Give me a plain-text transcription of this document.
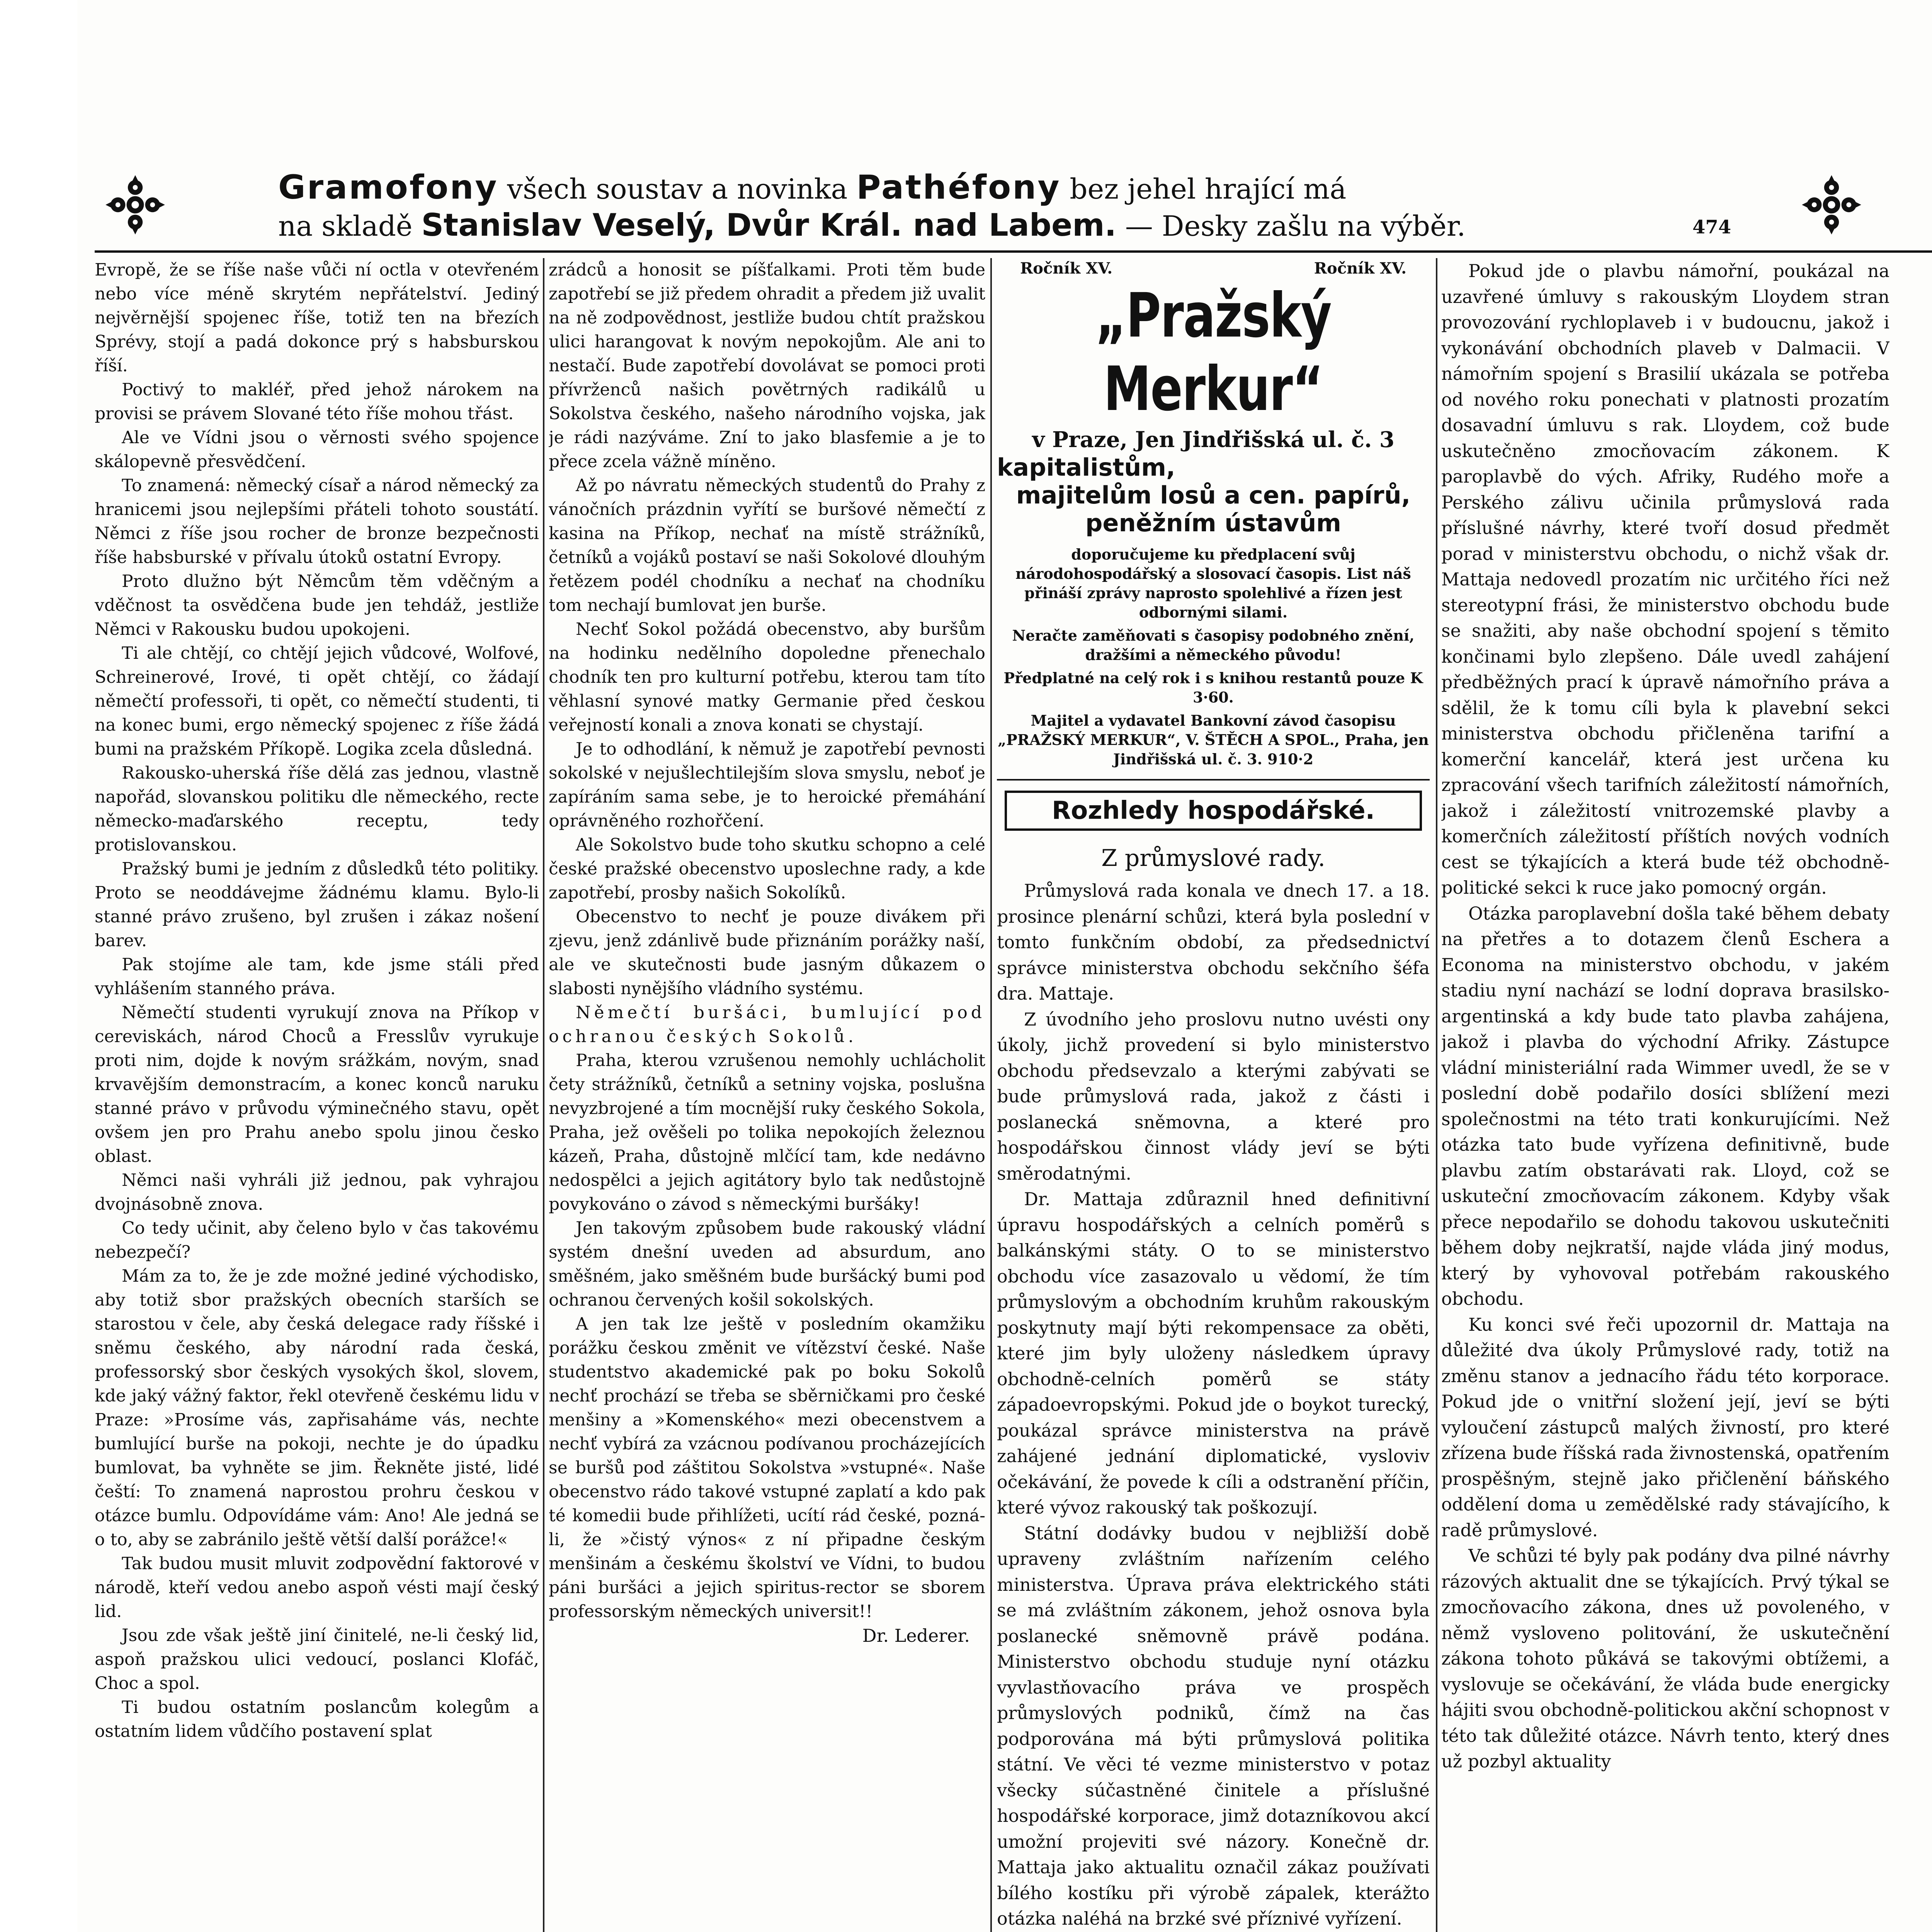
Gramofony všech soustav a novinka Pathéfony bez jehel hrající má
na skladě Stanislav Veselý, Dvůr Král. nad Labem. — Desky zašlu na výběr.	474

Evropě, že se říše naše vůči ní octla v otevřeném nebo více méně skrytém nepřátelství. Jediný nejvěrnější spojenec říše, totiž ten na březích Sprévy, stojí a padá dokonce prý s habsburskou říší.

Poctivý to makléř, před jehož nárokem na provisi se právem Slované této říše mohou třást.

Ale ve Vídni jsou o věrnosti svého spojence skálopevně přesvědčení.

To znamená: německý císař a národ německý za hranicemi jsou nejlepšími přáteli tohoto soustátí. Němci z říše jsou rocher de bronze bezpečnosti říše habsburské v přívalu útoků ostatní Evropy.

Proto dlužno být Němcům těm vděčným a vděčnost ta osvědčena bude jen tehdáž, jestliže Němci v Rakousku budou upokojeni.

Ti ale chtějí, co chtějí jejich vůdcové, Wolfové, Schreinerové, Irové, ti opět chtějí, co žádají němečtí professoři, ti opět, co němečtí studenti, ti na konec bumi, ergo německý spojenec z říše žádá bumi na pražském Příkopě. Logika zcela důsledná.

Rakousko-uherská říše dělá zas jednou, vlastně napořád, slovanskou politiku dle německého, recte německo-maďarského receptu, tedy protislovanskou.

Pražský bumi je jedním z důsledků této politiky. Proto se neoddávejme žádnému klamu. Bylo-li stanné právo zrušeno, byl zrušen i zákaz nošení barev.

Pak stojíme ale tam, kde jsme stáli před vyhlášením stanného práva.

Němečtí studenti vyrukují znova na Příkop v cereviskách, národ Choců a Fresslův vyrukuje proti nim, dojde k novým srážkám, novým, snad krvavějším demonstracím, a konec konců naruku stanné právo v průvodu výminečného stavu, opět ovšem jen pro Prahu anebo spolu jinou česko oblast.

Němci naši vyhráli již jednou, pak vyhrajou dvojnásobně znova.

Co tedy učinit, aby čeleno bylo v čas takovému nebezpečí?

Mám za to, že je zde možné jediné východisko, aby totiž sbor pražských obecních starších se starostou v čele, aby česká delegace rady říšské i sněmu českého, aby národní rada česká, professorský sbor českých vysokých škol, slovem, kde jaký vážný faktor, řekl otevřeně českému lidu v Praze: »Prosíme vás, zapřisaháme vás, nechte bumlující burše na pokoji, nechte je do úpadku bumlovat, ba vyhněte se jim. Řekněte jisté, lidé čeští: To znamená naprostou prohru českou v otázce bumlu. Odpovídáme vám: Ano! Ale jedná se o to, aby se zabránilo ještě větší další porážce!«

Tak budou musit mluvit zodpovědní faktorové v národě, kteří vedou anebo aspoň vésti mají český lid.

Jsou zde však ještě jiní činitelé, ne-li český lid, aspoň pražskou ulici vedoucí, poslanci Klofáč, Choc a spol.

Ti budou ostatním poslancům kolegům a ostatním lidem vůdčího postavení splat

zrádců a honosit se píšťalkami. Proti těm bude zapotřebí se již předem ohradit a předem již uvalit na ně zodpovědnost, jestliže budou chtít pražskou ulici harangovat k novým nepokojům. Ale ani to nestačí. Bude zapotřebí dovolávat se pomoci proti přívrženců našich povětrných radikálů u Sokolstva českého, našeho národního vojska, jak je rádi nazýváme. Zní to jako blasfemie a je to přece zcela vážně míněno.

Až po návratu německých studentů do Prahy z vánočních prázdnin vyřítí se buršové němečtí z kasina na Příkop, nechať na místě strážníků, četníků a vojáků postaví se naši Sokolové dlouhým řetězem podél chodníku a nechať na chodníku tom nechají bumlovat jen burše.

Nechť Sokol požádá obecenstvo, aby buršům na hodinku nedělního dopoledne přenechalo chodník ten pro kulturní potřebu, kterou tam títo věhlasní synové matky Germanie před českou veřejností konali a znova konati se chystají.

Je to odhodlání, k němuž je zapotřebí pevnosti sokolské v nejušlechtilejším slova smyslu, neboť je zapíráním sama sebe, je to heroické přemáhání oprávněného rozhořčení.

Ale Sokolstvo bude toho skutku schopno a celé české pražské obecenstvo uposlechne rady, a kde zapotřebí, prosby našich Sokolíků.

Obecenstvo to nechť je pouze divákem při zjevu, jenž zdánlivě bude přiznáním porážky naší, ale ve skutečnosti bude jasným důkazem o slabosti nynějšího vládního systému.

Němečtí buršáci, bumlující pod ochranou českých Sokolů.

Praha, kterou vzrušenou nemohly uchlácholit čety strážníků, četníků a setniny vojska, poslušna nevyzbrojené a tím mocnější ruky českého Sokola, Praha, jež ověšeli po tolika nepokojích železnou kázeň, Praha, důstojně mlčící tam, kde nedávno nedospělci a jejich agitátory bylo tak nedůstojně povykováno o závod s německými buršáky!

Jen takovým způsobem bude rakouský vládní systém dnešní uveden ad absurdum, ano směšném, jako směšném bude buršácký bumi pod ochranou červených košil sokolských.

A jen tak lze ještě v posledním okamžiku porážku českou změnit ve vítězství české. Naše studentstvo akademické pak po boku Sokolů nechť prochází se třeba se sběrničkami pro české menšiny a »Komenského« mezi obecenstvem a nechť vybírá za vzácnou podívanou procházejících se buršů pod záštitou Sokolstva »vstupné«. Naše obecenstvo rádo takové vstupné zaplatí a kdo pak té komedii bude přihlížeti, ucítí rád české, pozná-li, že »čistý výnos« z ní připadne českým menšinám a českému školství ve Vídni, to budou páni buršáci a jejich spiritus-rector se sborem professorským německých universit!!

Dr. Lederer.
Ročník XV.	Ročník XV.
„Pražský Merkur“
v Praze, Jen Jindřišská ul. č. 3
kapitalistům,
majitelům losů a cen. papírů,
peněžním ústavům
doporučujeme ku předplacení svůj národohospodářský a slosovací časopis. List náš přináší zprávy naprosto spolehlivé a řízen jest odbornými silami.
Neračte zaměňovati s časopisy podobného znění, dražšími a německého původu!
Předplatné na celý rok i s knihou restantů pouze K 3·60.
Majitel a vydavatel Bankovní závod časopisu „PRAŽSKÝ MERKUR“, V. ŠTĚCH A SPOL., Praha, jen Jindřišská ul. č. 3. 910·2
Rozhledy hospodářské.
Z průmyslové rady.

Průmyslová rada konala ve dnech 17. a 18. prosince plenární schůzi, která byla poslední v tomto funkčním období, za předsednictví správce ministerstva obchodu sekčního šéfa dra. Mattaje.

Z úvodního jeho proslovu nutno uvésti ony úkoly, jichž provedení si bylo ministerstvo obchodu předsevzalo a kterými zabývati se bude průmyslová rada, jakož z části i poslanecká sněmovna, a které pro hospodářskou činnost vlády jeví se býti směrodatnými.

Dr. Mattaja zdůraznil hned definitivní úpravu hospodářských a celních poměrů s balkánskými státy. O to se ministerstvo obchodu více zasazovalo u vědomí, že tím průmyslovým a obchodním kruhům rakouským poskytnuty mají býti rekompensace za oběti, které jim byly uloženy následkem úpravy obchodně-celních poměrů se státy západoevropskými. Pokud jde o boykot turecký, poukázal správce ministerstva na právě zahájené jednání diplomatické, vysloviv očekávání, že povede k cíli a odstranění příčin, které vývoz rakouský tak poškozují.

Státní dodávky budou v nejbližší době upraveny zvláštním nařízením celého ministerstva. Úprava práva elektrického státi se má zvláštním zákonem, jehož osnova byla poslanecké sněmovně právě podána. Ministerstvo obchodu studuje nyní otázku vyvlastňovacího práva ve prospěch průmyslových podniků, čímž na čas podporována má býti průmyslová politika státní. Ve věci té vezme ministerstvo v potaz všecky súčastněné činitele a příslušné hospodářské korporace, jimž dotazníkovou akcí umožní projeviti své názory. Konečně dr. Mattaja jako aktualitu označil zákaz používati bílého kostíku při výrobě zápalek, kterážto otázka naléhá na brzké své příznivé vyřízení.

Pokud jde o plavbu námořní, poukázal na uzavřené úmluvy s rakouským Lloydem stran provozování rychloplaveb i v budoucnu, jakož i vykonávání obchodních plaveb v Dalmacii. V námořním spojení s Brasilií ukázala se potřeba od nového roku ponechati v platnosti prozatím dosavadní úmluvu s rak. Lloydem, což bude uskutečněno zmocňovacím zákonem. K paroplavbě do vých. Afriky, Rudého moře a Perského zálivu učinila průmyslová rada příslušné návrhy, které tvoří dosud předmět porad v ministerstvu obchodu, o nichž však dr. Mattaja nedovedl prozatím nic určitého říci než stereotypní frási, že ministerstvo obchodu bude se snažiti, aby naše obchodní spojení s těmito končinami bylo zlepšeno. Dále uvedl zahájení předběžných prací k úpravě námořního práva a sdělil, že k tomu cíli byla k plavební sekci ministerstva obchodu přičleněna tarifní a komerční kancelář, která jest určena ku zpracování všech tarifních záležitostí námořních, jakož i záležitostí vnitrozemské plavby a komerčních záležitostí příštích nových vodních cest se týkajících a která bude též obchodně-politické sekci k ruce jako pomocný orgán.

Otázka paroplavební došla také během debaty na přetřes a to dotazem členů Eschera a Economa na ministerstvo obchodu, v jakém stadiu nyní nachází se lodní doprava brasilsko-argentinská a kdy bude tato plavba zahájena, jakož i plavba do východní Afriky. Zástupce vládní ministeriální rada Wimmer uvedl, že se v poslední době podařilo dosíci sblížení mezi společnostmi na této trati konkurujícími. Než otázka tato bude vyřízena definitivně, bude plavbu zatím obstarávati rak. Lloyd, což se uskuteční zmocňovacím zákonem. Kdyby však přece nepodařilo se dohodu takovou uskutečniti během doby nejkratší, najde vláda jiný modus, který by vyhovoval potřebám rakouského obchodu.

Ku konci své řeči upozornil dr. Mattaja na důležité dva úkoly Průmyslové rady, totiž na změnu stanov a jednacího řádu této korporace. Pokud jde o vnitřní složení její, jeví se býti vyloučení zástupců malých živností, pro které zřízena bude říšská rada živnostenská, opatřením prospěšným, stejně jako přičlenění báňského oddělení doma u zemědělské rady stávajícího, k radě průmyslové.

Ve schůzi té byly pak podány dva pilné návrhy rázových aktualit dne se týkajících. Prvý týkal se zmocňovacího zákona, dnes už povoleného, v němž vysloveno politování, že uskutečnění zákona tohoto půkává se takovými obtížemi, a vyslovuje se očekávání, že vláda bude energicky hájiti svou obchodně-politickou akční schopnost v této tak důležité otázce. Návrh tento, který dnes už pozbyl aktuality
